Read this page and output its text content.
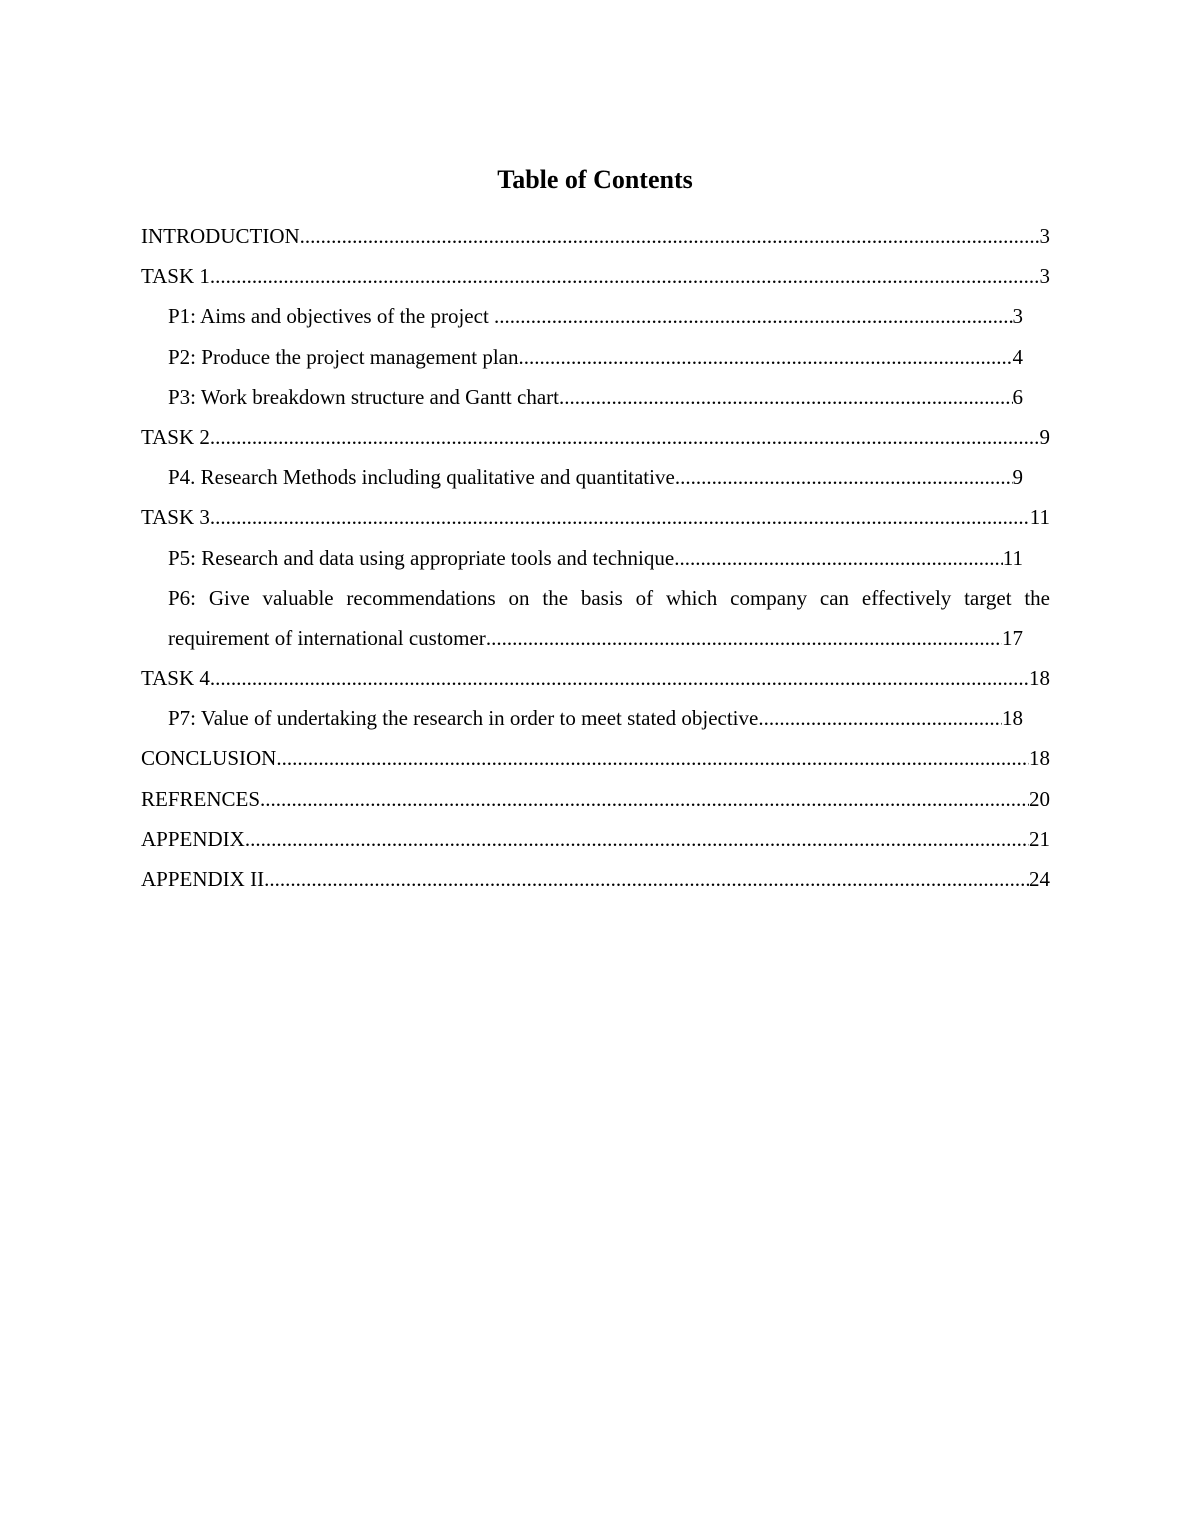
Table of Contents
INTRODUCTION .....	3
TASK 1 .....	3
P1: Aims and objectives of the project .....	3
P2: Produce the project management plan .....	4
P3: Work breakdown structure and Gantt chart .....	6
TASK 2 .....	9
P4. Research Methods including qualitative and quantitative .....	9
TASK 3 .....	11
P5: Research and data using appropriate tools and technique .....	11
P6: Give valuable recommendations on the basis of which company can effectively target the
requirement of international customer .....	17
TASK 4 .....	18
P7: Value of undertaking the research in order to meet stated objective .....	18
CONCLUSION .....	18
REFRENCES .....	20
APPENDIX .....	21
APPENDIX II .....	24
